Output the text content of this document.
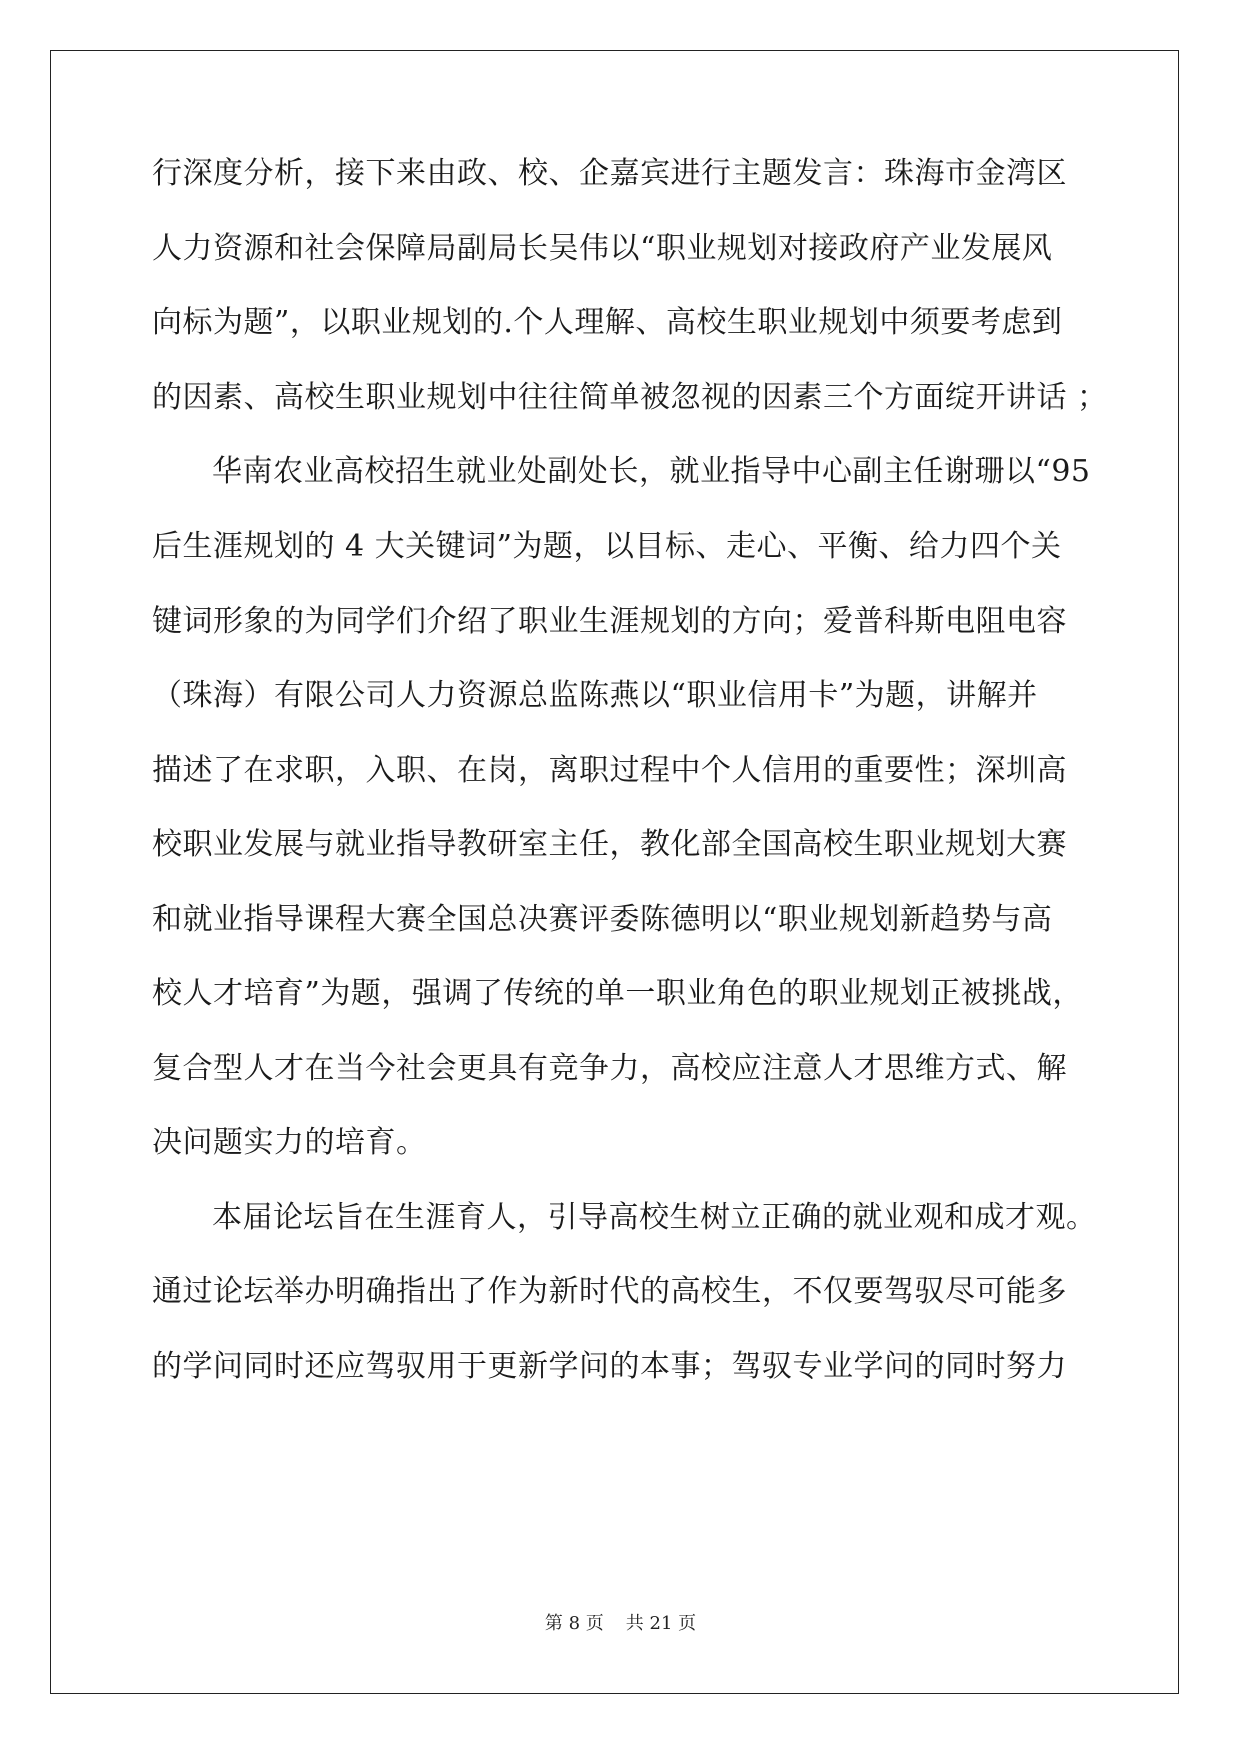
行深度分析，接下来由政、校、企嘉宾进行主题发言：珠海市金湾区
人力资源和社会保障局副局长吴伟以“职业规划对接政府产业发展风
向标为题”，以职业规划的.个人理解、高校生职业规划中须要考虑到
的因素、高校生职业规划中往往简单被忽视的因素三个方面绽开讲话 ；
华南农业高校招生就业处副处长，就业指导中心副主任谢珊以“95
后生涯规划的 4 大关键词”为题，以目标、走心、平衡、给力四个关
键词形象的为同学们介绍了职业生涯规划的方向；爱普科斯电阻电容
（珠海）有限公司人力资源总监陈燕以“职业信用卡”为题，讲解并
描述了在求职，入职、在岗，离职过程中个人信用的重要性；深圳高
校职业发展与就业指导教研室主任，教化部全国高校生职业规划大赛
和就业指导课程大赛全国总决赛评委陈德明以“职业规划新趋势与高
校人才培育”为题，强调了传统的单一职业角色的职业规划正被挑战，
复合型人才在当今社会更具有竞争力，高校应注意人才思维方式、解
决问题实力的培育。
本届论坛旨在生涯育人，引导高校生树立正确的就业观和成才观。
通过论坛举办明确指出了作为新时代的高校生，不仅要驾驭尽可能多
的学问同时还应驾驭用于更新学问的本事；驾驭专业学问的同时努力
第 8 页 共 21 页
